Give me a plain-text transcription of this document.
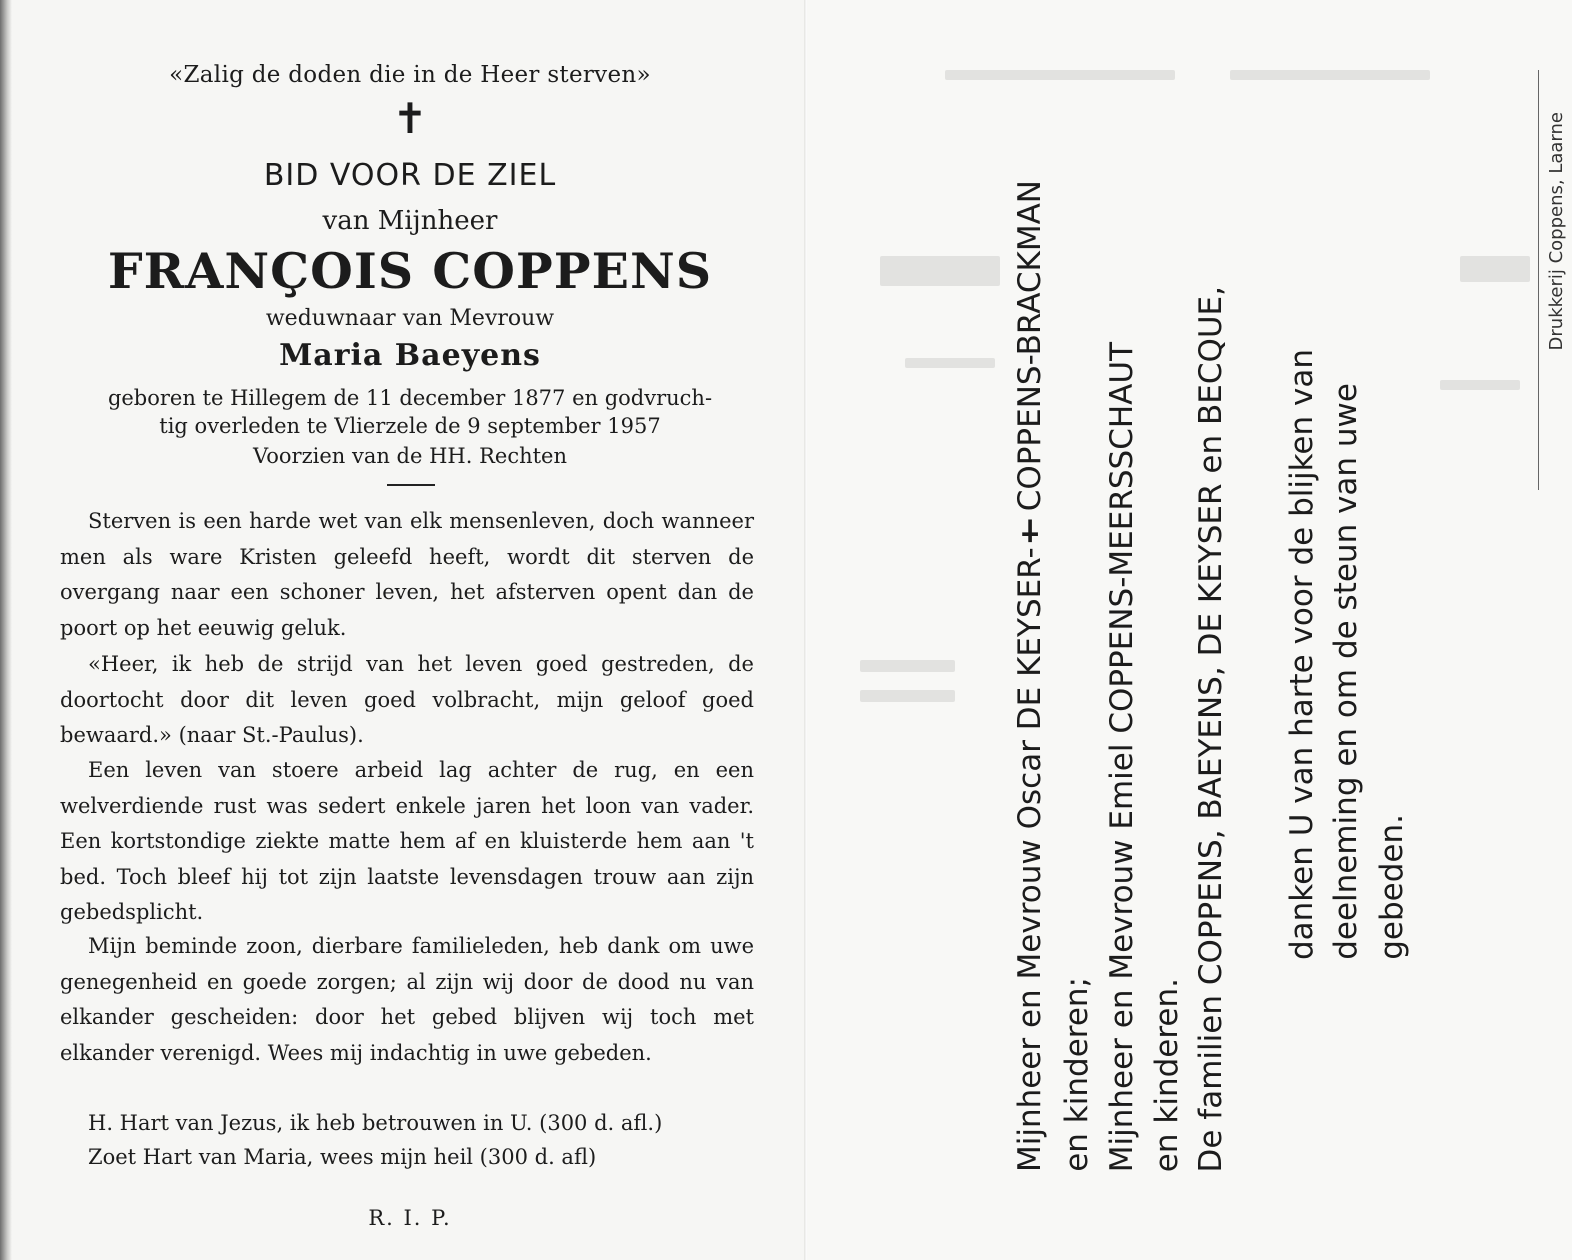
«Zalig de doden die in de Heer sterven»
✝
BID VOOR DE ZIEL
van Mijnheer
FRANÇOIS COPPENS
weduwnaar van Mevrouw
Maria Baeyens
geboren te Hillegem de 11 december 1877 en godvruch-
tig overleden te Vlierzele de 9 september 1957
Voorzien van de HH. Rechten
Sterven is een harde wet van elk mensenleven, doch wanneer men als ware Kristen geleefd heeft, wordt dit sterven de overgang naar een schoner leven, het afsterven opent dan de poort op het eeuwig geluk.
«Heer, ik heb de strijd van het leven goed gestreden, de doortocht door dit leven goed volbracht, mijn geloof goed bewaard.» (naar St.-Paulus).
Een leven van stoere arbeid lag achter de rug, en een welverdiende rust was sedert enkele jaren het loon van vader. Een kortstondige ziekte matte hem af en kluisterde hem aan 't bed. Toch bleef hij tot zijn laatste levensdagen trouw aan zijn gebedsplicht.
Mijn beminde zoon, dierbare familieleden, heb dank om uwe genegenheid en goede zorgen; al zijn wij door de dood nu van elkander gescheiden: door het gebed blijven wij toch met elkander verenigd. Wees mij indachtig in uwe gebeden.
H. Hart van Jezus, ik heb betrouwen in U. (300 d. afl.)
Zoet Hart van Maria, wees mijn heil (300 d. afl)
R. I. P.
Mijnheer en Mevrouw Oscar DE KEYSER-✝COPPENS-BRACKMAN en kinderen; Mijnheer en Mevrouw Emiel COPPENS-MEERSSCHAUT en kinderen. De familien COPPENS, BAEYENS, DE KEYSER en BECQUE, danken U van harte voor de blijken van deelneming en om de steun van uwe gebeden.
Drukkerij Coppens, Laarne
